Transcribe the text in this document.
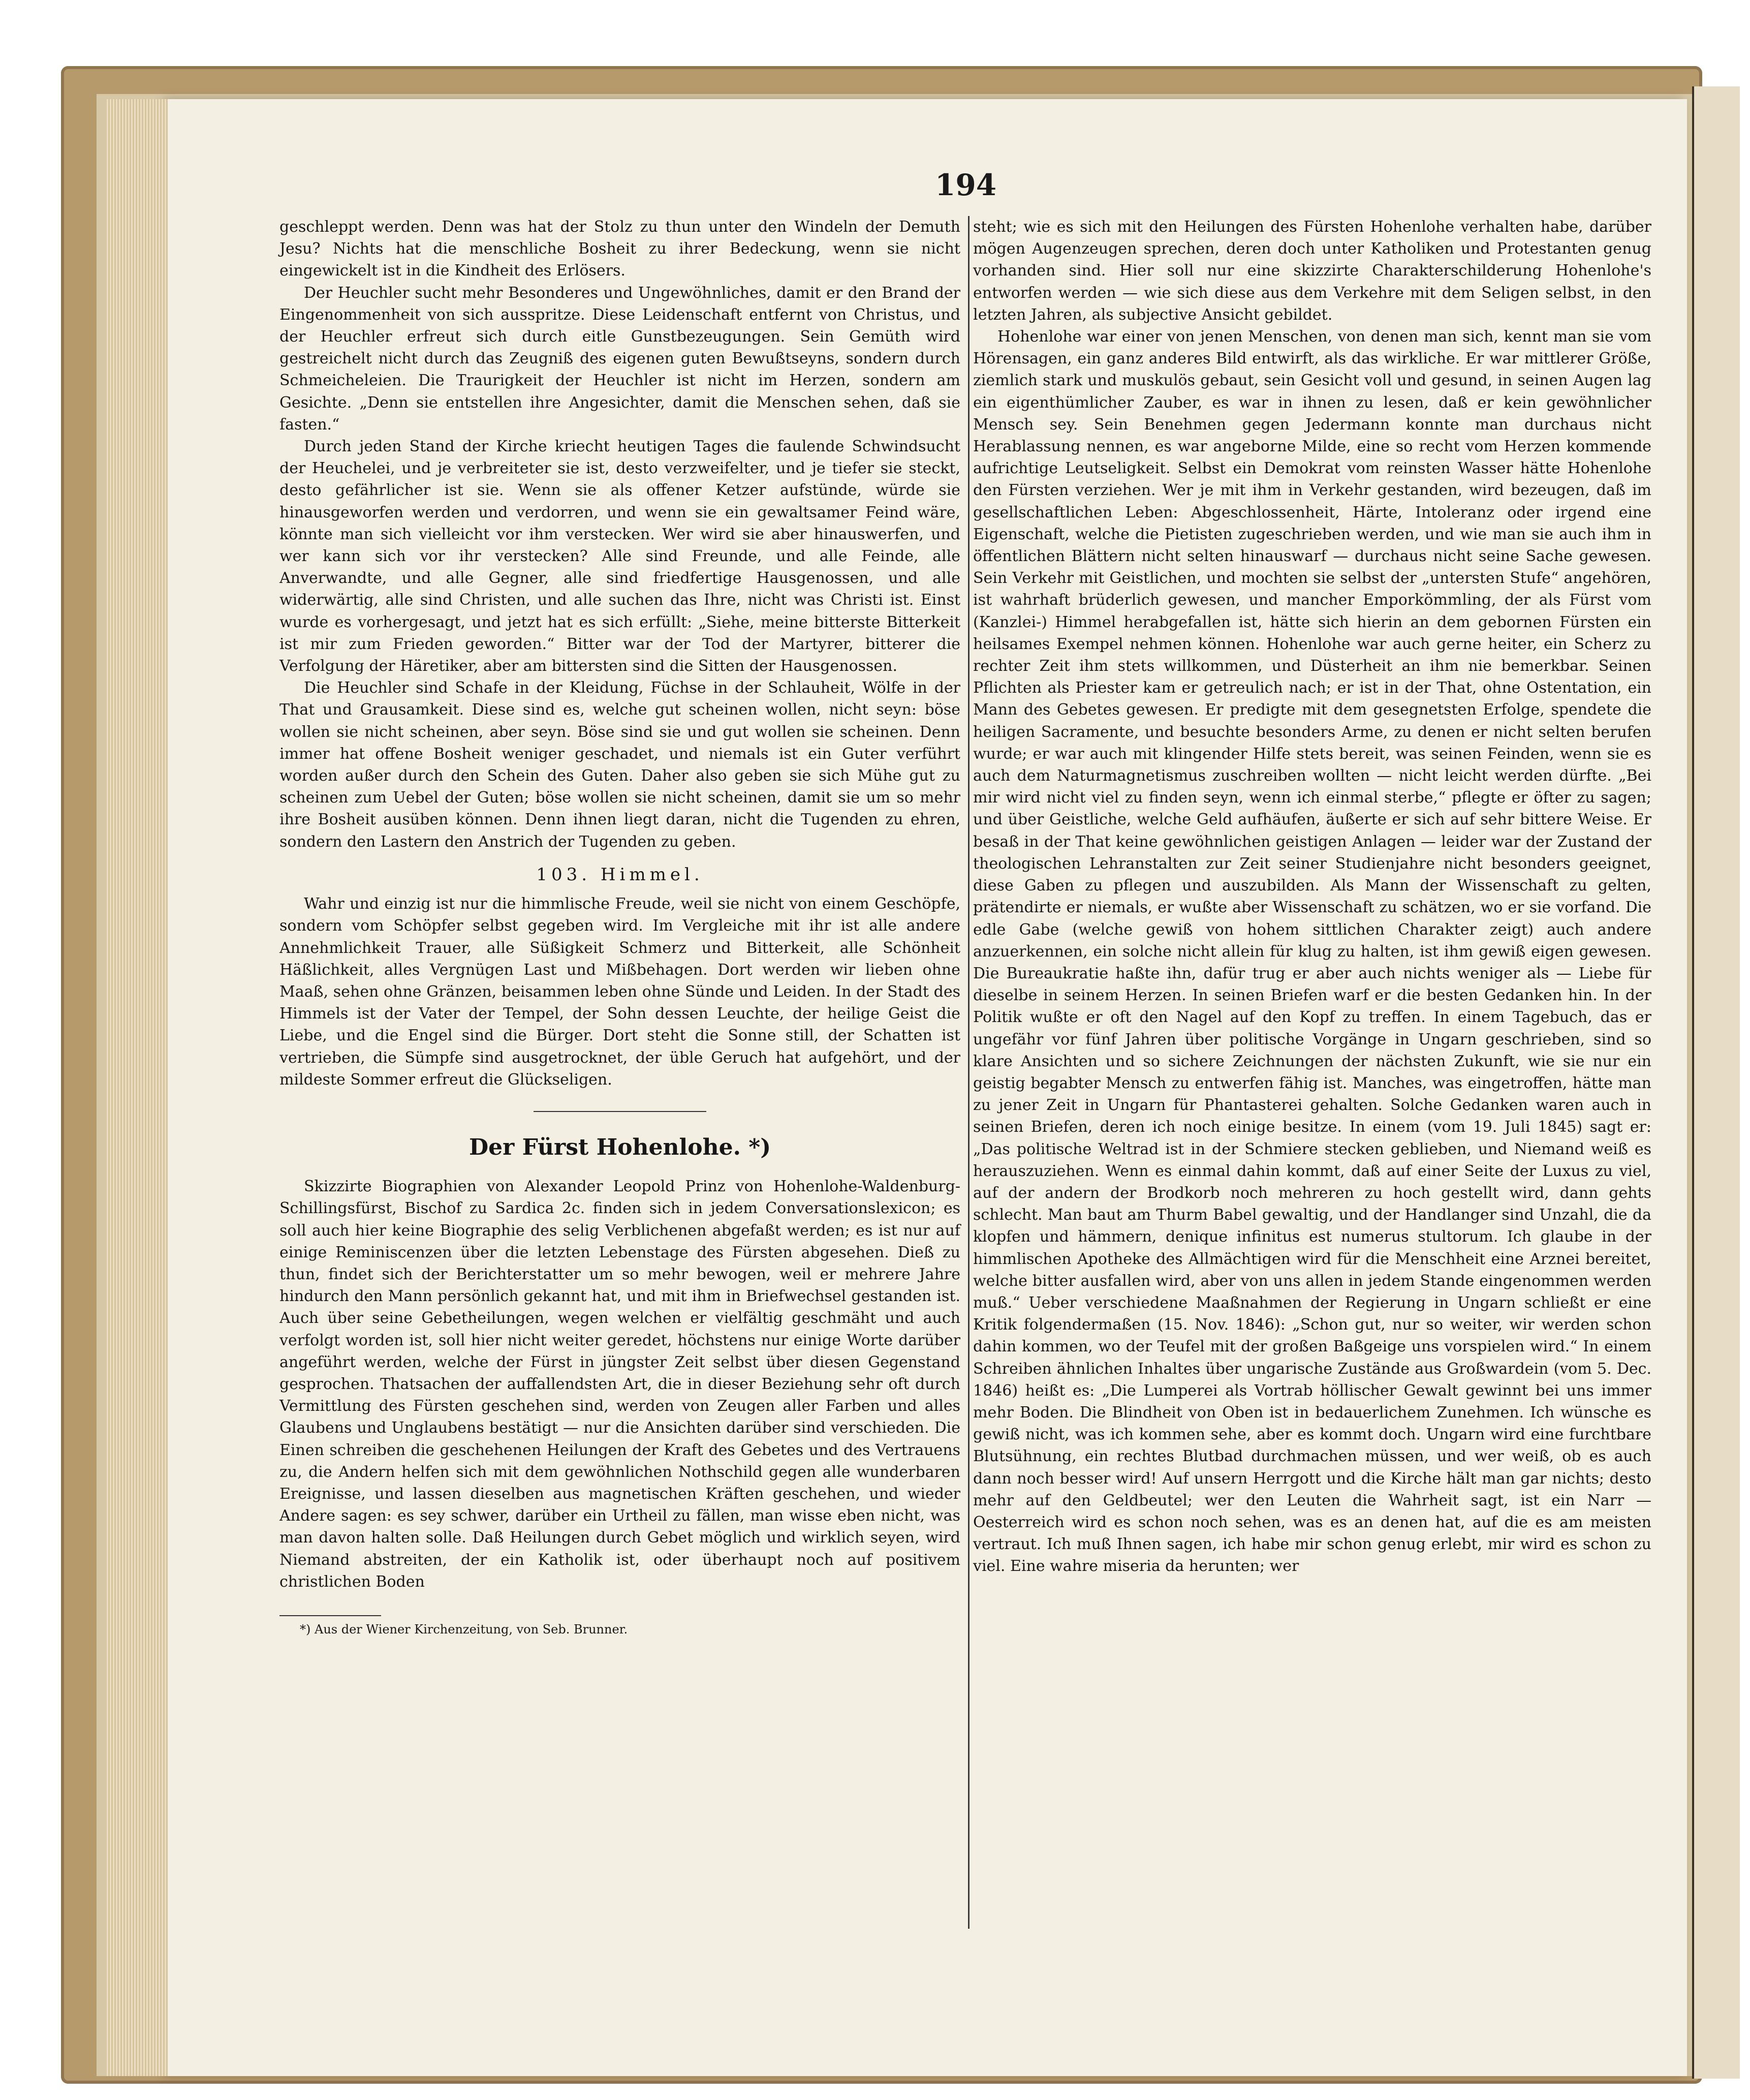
194

geschleppt werden. Denn was hat der Stolz zu thun unter den Windeln der Demuth Jesu? Nichts hat die menschliche Bosheit zu ihrer Bedeckung, wenn sie nicht eingewickelt ist in die Kindheit des Erlösers.

Der Heuchler sucht mehr Besonderes und Ungewöhnliches, damit er den Brand der Eingenommenheit von sich ausspritze. Diese Leidenschaft entfernt von Christus, und der Heuchler erfreut sich durch eitle Gunstbezeugungen. Sein Gemüth wird gestreichelt nicht durch das Zeugniß des eigenen guten Bewußtseyns, sondern durch Schmeicheleien. Die Traurigkeit der Heuchler ist nicht im Herzen, sondern am Gesichte. „Denn sie entstellen ihre Angesichter, damit die Menschen sehen, daß sie fasten.“

Durch jeden Stand der Kirche kriecht heutigen Tages die faulende Schwindsucht der Heuchelei, und je verbreiteter sie ist, desto verzweifelter, und je tiefer sie steckt, desto gefährlicher ist sie. Wenn sie als offener Ketzer aufstünde, würde sie hinausgeworfen werden und verdorren, und wenn sie ein gewaltsamer Feind wäre, könnte man sich vielleicht vor ihm verstecken. Wer wird sie aber hinauswerfen, und wer kann sich vor ihr verstecken? Alle sind Freunde, und alle Feinde, alle Anverwandte, und alle Gegner, alle sind friedfertige Hausgenossen, und alle widerwärtig, alle sind Christen, und alle suchen das Ihre, nicht was Christi ist. Einst wurde es vorhergesagt, und jetzt hat es sich erfüllt: „Siehe, meine bitterste Bitterkeit ist mir zum Frieden geworden.“ Bitter war der Tod der Martyrer, bitterer die Verfolgung der Häretiker, aber am bittersten sind die Sitten der Hausgenossen.

Die Heuchler sind Schafe in der Kleidung, Füchse in der Schlauheit, Wölfe in der That und Grausamkeit. Diese sind es, welche gut scheinen wollen, nicht seyn: böse wollen sie nicht scheinen, aber seyn. Böse sind sie und gut wollen sie scheinen. Denn immer hat offene Bosheit weniger geschadet, und niemals ist ein Guter verführt worden außer durch den Schein des Guten. Daher also geben sie sich Mühe gut zu scheinen zum Uebel der Guten; böse wollen sie nicht scheinen, damit sie um so mehr ihre Bosheit ausüben können. Denn ihnen liegt daran, nicht die Tugenden zu ehren, sondern den Lastern den Anstrich der Tugenden zu geben.

103. Himmel.

Wahr und einzig ist nur die himmlische Freude, weil sie nicht von einem Geschöpfe, sondern vom Schöpfer selbst gegeben wird. Im Vergleiche mit ihr ist alle andere Annehmlichkeit Trauer, alle Süßigkeit Schmerz und Bitterkeit, alle Schönheit Häßlichkeit, alles Vergnügen Last und Mißbehagen. Dort werden wir lieben ohne Maaß, sehen ohne Gränzen, beisammen leben ohne Sünde und Leiden. In der Stadt des Himmels ist der Vater der Tempel, der Sohn dessen Leuchte, der heilige Geist die Liebe, und die Engel sind die Bürger. Dort steht die Sonne still, der Schatten ist vertrieben, die Sümpfe sind ausgetrocknet, der üble Geruch hat aufgehört, und der mildeste Sommer erfreut die Glückseligen.

Der Fürst Hohenlohe. *)

Skizzirte Biographien von Alexander Leopold Prinz von Hohenlohe-Waldenburg-Schillingsfürst, Bischof zu Sardica 2c. finden sich in jedem Conversationslexicon; es soll auch hier keine Biographie des selig Verblichenen abgefaßt werden; es ist nur auf einige Reminiscenzen über die letzten Lebenstage des Fürsten abgesehen. Dieß zu thun, findet sich der Berichterstatter um so mehr bewogen, weil er mehrere Jahre hindurch den Mann persönlich gekannt hat, und mit ihm in Briefwechsel gestanden ist. Auch über seine Gebetheilungen, wegen welchen er vielfältig geschmäht und auch verfolgt worden ist, soll hier nicht weiter geredet, höchstens nur einige Worte darüber angeführt werden, welche der Fürst in jüngster Zeit selbst über diesen Gegenstand gesprochen. Thatsachen der auffallendsten Art, die in dieser Beziehung sehr oft durch Vermittlung des Fürsten geschehen sind, werden von Zeugen aller Farben und alles Glaubens und Unglaubens bestätigt — nur die Ansichten darüber sind verschieden. Die Einen schreiben die geschehenen Heilungen der Kraft des Gebetes und des Vertrauens zu, die Andern helfen sich mit dem gewöhnlichen Nothschild gegen alle wunderbaren Ereignisse, und lassen dieselben aus magnetischen Kräften geschehen, und wieder Andere sagen: es sey schwer, darüber ein Urtheil zu fällen, man wisse eben nicht, was man davon halten solle. Daß Heilungen durch Gebet möglich und wirklich seyen, wird Niemand abstreiten, der ein Katholik ist, oder überhaupt noch auf positivem christlichen Boden

*) Aus der Wiener Kirchenzeitung, von Seb. Brunner.

steht; wie es sich mit den Heilungen des Fürsten Hohenlohe verhalten habe, darüber mögen Augenzeugen sprechen, deren doch unter Katholiken und Protestanten genug vorhanden sind. Hier soll nur eine skizzirte Charakterschilderung Hohenlohe's entworfen werden — wie sich diese aus dem Verkehre mit dem Seligen selbst, in den letzten Jahren, als subjective Ansicht gebildet.

Hohenlohe war einer von jenen Menschen, von denen man sich, kennt man sie vom Hörensagen, ein ganz anderes Bild entwirft, als das wirkliche. Er war mittlerer Größe, ziemlich stark und muskulös gebaut, sein Gesicht voll und gesund, in seinen Augen lag ein eigenthümlicher Zauber, es war in ihnen zu lesen, daß er kein gewöhnlicher Mensch sey. Sein Benehmen gegen Jedermann konnte man durchaus nicht Herablassung nennen, es war angeborne Milde, eine so recht vom Herzen kommende aufrichtige Leutseligkeit. Selbst ein Demokrat vom reinsten Wasser hätte Hohenlohe den Fürsten verziehen. Wer je mit ihm in Verkehr gestanden, wird bezeugen, daß im gesellschaftlichen Leben: Abgeschlossenheit, Härte, Intoleranz oder irgend eine Eigenschaft, welche die Pietisten zugeschrieben werden, und wie man sie auch ihm in öffentlichen Blättern nicht selten hinauswarf — durchaus nicht seine Sache gewesen. Sein Verkehr mit Geistlichen, und mochten sie selbst der „untersten Stufe“ angehören, ist wahrhaft brüderlich gewesen, und mancher Emporkömmling, der als Fürst vom (Kanzlei-) Himmel herabgefallen ist, hätte sich hierin an dem gebornen Fürsten ein heilsames Exempel nehmen können. Hohenlohe war auch gerne heiter, ein Scherz zu rechter Zeit ihm stets willkommen, und Düsterheit an ihm nie bemerkbar. Seinen Pflichten als Priester kam er getreulich nach; er ist in der That, ohne Ostentation, ein Mann des Gebetes gewesen. Er predigte mit dem gesegnetsten Erfolge, spendete die heiligen Sacramente, und besuchte besonders Arme, zu denen er nicht selten berufen wurde; er war auch mit klingender Hilfe stets bereit, was seinen Feinden, wenn sie es auch dem Naturmagnetismus zuschreiben wollten — nicht leicht werden dürfte. „Bei mir wird nicht viel zu finden seyn, wenn ich einmal sterbe,“ pflegte er öfter zu sagen; und über Geistliche, welche Geld aufhäufen, äußerte er sich auf sehr bittere Weise. Er besaß in der That keine gewöhnlichen geistigen Anlagen — leider war der Zustand der theologischen Lehranstalten zur Zeit seiner Studienjahre nicht besonders geeignet, diese Gaben zu pflegen und auszubilden. Als Mann der Wissenschaft zu gelten, prätendirte er niemals, er wußte aber Wissenschaft zu schätzen, wo er sie vorfand. Die edle Gabe (welche gewiß von hohem sittlichen Charakter zeigt) auch andere anzuerkennen, ein solche nicht allein für klug zu halten, ist ihm gewiß eigen gewesen. Die Bureaukratie haßte ihn, dafür trug er aber auch nichts weniger als — Liebe für dieselbe in seinem Herzen. In seinen Briefen warf er die besten Gedanken hin. In der Politik wußte er oft den Nagel auf den Kopf zu treffen. In einem Tagebuch, das er ungefähr vor fünf Jahren über politische Vorgänge in Ungarn geschrieben, sind so klare Ansichten und so sichere Zeichnungen der nächsten Zukunft, wie sie nur ein geistig begabter Mensch zu entwerfen fähig ist. Manches, was eingetroffen, hätte man zu jener Zeit in Ungarn für Phantasterei gehalten. Solche Gedanken waren auch in seinen Briefen, deren ich noch einige besitze. In einem (vom 19. Juli 1845) sagt er: „Das politische Weltrad ist in der Schmiere stecken geblieben, und Niemand weiß es herauszuziehen. Wenn es einmal dahin kommt, daß auf einer Seite der Luxus zu viel, auf der andern der Brodkorb noch mehreren zu hoch gestellt wird, dann gehts schlecht. Man baut am Thurm Babel gewaltig, und der Handlanger sind Unzahl, die da klopfen und hämmern, denique infinitus est numerus stultorum. Ich glaube in der himmlischen Apotheke des Allmächtigen wird für die Menschheit eine Arznei bereitet, welche bitter ausfallen wird, aber von uns allen in jedem Stande eingenommen werden muß.“ Ueber verschiedene Maaßnahmen der Regierung in Ungarn schließt er eine Kritik folgendermaßen (15. Nov. 1846): „Schon gut, nur so weiter, wir werden schon dahin kommen, wo der Teufel mit der großen Baßgeige uns vorspielen wird.“ In einem Schreiben ähnlichen Inhaltes über ungarische Zustände aus Großwardein (vom 5. Dec. 1846) heißt es: „Die Lumperei als Vortrab höllischer Gewalt gewinnt bei uns immer mehr Boden. Die Blindheit von Oben ist in bedauerlichem Zunehmen. Ich wünsche es gewiß nicht, was ich kommen sehe, aber es kommt doch. Ungarn wird eine furchtbare Blutsühnung, ein rechtes Blutbad durchmachen müssen, und wer weiß, ob es auch dann noch besser wird! Auf unsern Herrgott und die Kirche hält man gar nichts; desto mehr auf den Geldbeutel; wer den Leuten die Wahrheit sagt, ist ein Narr — Oesterreich wird es schon noch sehen, was es an denen hat, auf die es am meisten vertraut. Ich muß Ihnen sagen, ich habe mir schon genug erlebt, mir wird es schon zu viel. Eine wahre miseria da herunten; wer
